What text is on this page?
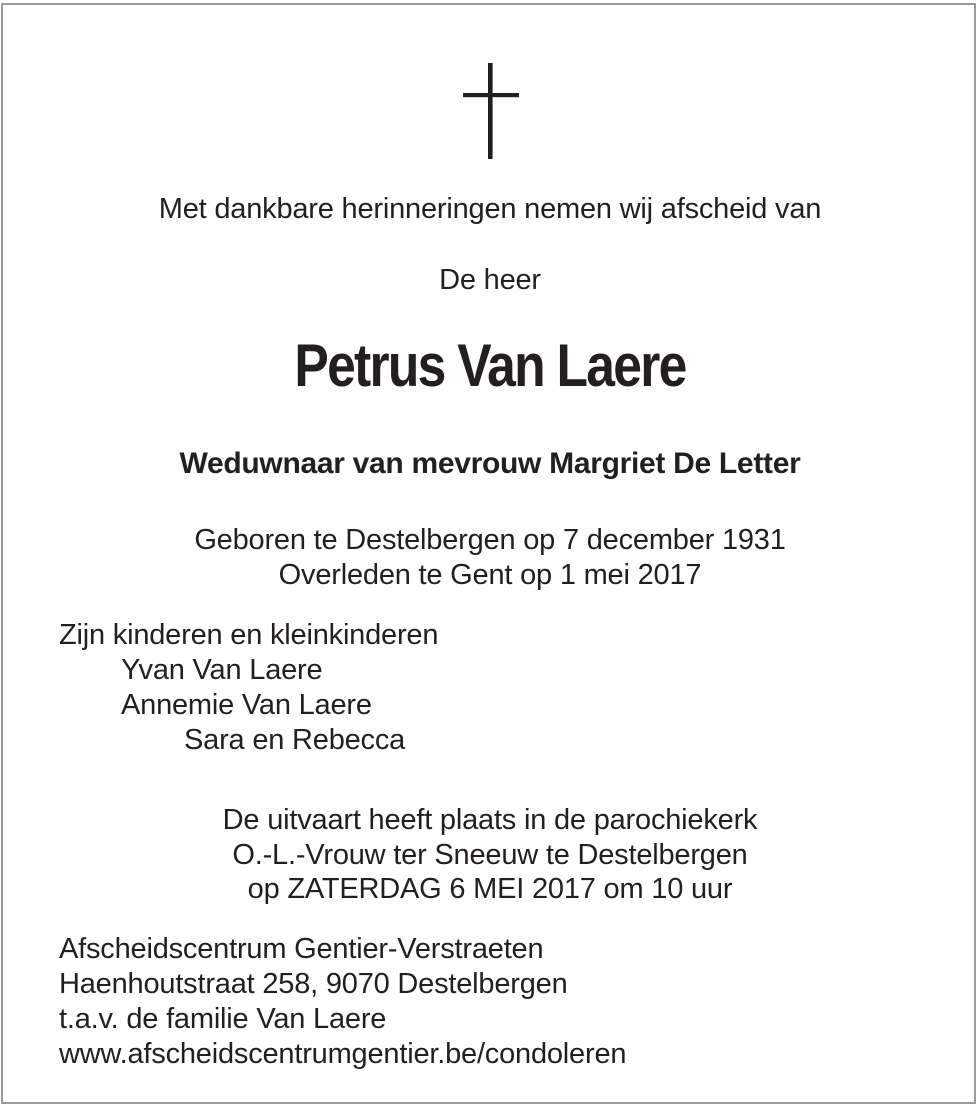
Met dankbare herinneringen nemen wij afscheid van
De heer
Petrus Van Laere
Weduwnaar van mevrouw Margriet De Letter
Geboren te Destelbergen op 7 december 1931
Overleden te Gent op 1 mei 2017
Zijn kinderen en kleinkinderen
Yvan Van Laere
Annemie Van Laere
Sara en Rebecca
De uitvaart heeft plaats in de parochiekerk
O.-L.-Vrouw ter Sneeuw te Destelbergen
op ZATERDAG 6 MEI 2017 om 10 uur
Afscheidscentrum Gentier-Verstraeten
Haenhoutstraat 258, 9070 Destelbergen
t.a.v. de familie Van Laere
www.afscheidscentrumgentier.be/condoleren
